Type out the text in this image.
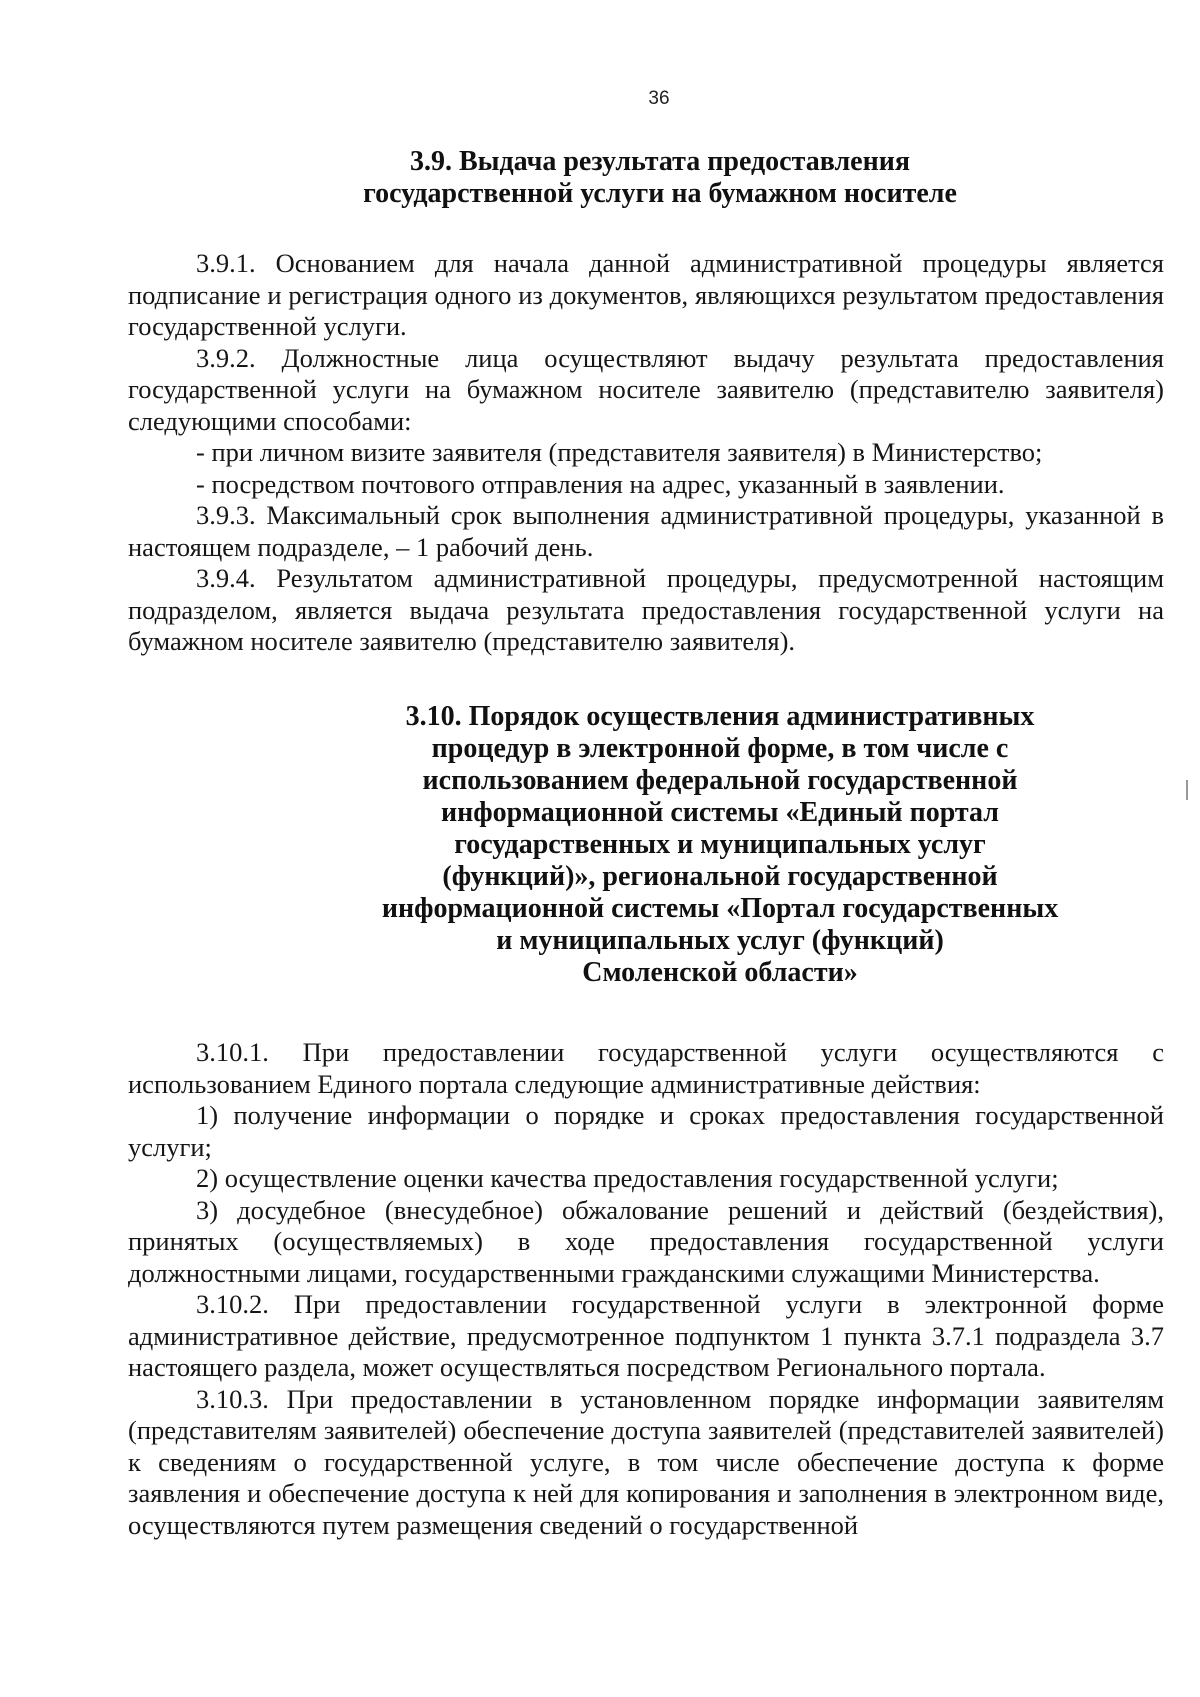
36
3.9. Выдача результата предоставления
государственной услуги на бумажном носителе

3.9.1. Основанием для начала данной административной процедуры является подписание и регистрация одного из документов, являющихся результатом предоставления государственной услуги.

3.9.2. Должностные лица осуществляют выдачу результата предоставления государственной услуги на бумажном носителе заявителю (представителю заявителя) следующими способами:

- при личном визите заявителя (представителя заявителя) в Министерство;

- посредством почтового отправления на адрес, указанный в заявлении.

3.9.3. Максимальный срок выполнения административной процедуры, указанной в настоящем подразделе, – 1 рабочий день.

3.9.4. Результатом административной процедуры, предусмотренной настоящим подразделом, является выдача результата предоставления государственной услуги на бумажном носителе заявителю (представителю заявителя).

3.10. Порядок осуществления административных
процедур в электронной форме, в том числе с
использованием федеральной государственной
информационной системы «Единый портал
государственных и муниципальных услуг
(функций)», региональной государственной
информационной системы «Портал государственных
и муниципальных услуг (функций)
Смоленской области»

3.10.1. При предоставлении государственной услуги осуществляются с использованием Единого портала следующие административные действия:

1) получение информации о порядке и сроках предоставления государственной услуги;

2) осуществление оценки качества предоставления государственной услуги;

3) досудебное (внесудебное) обжалование решений и действий (бездействия), принятых (осуществляемых) в ходе предоставления государственной услуги должностными лицами, государственными гражданскими служащими Министерства.

3.10.2. При предоставлении государственной услуги в электронной форме административное действие, предусмотренное подпунктом 1 пункта 3.7.1 подраздела 3.7 настоящего раздела, может осуществляться посредством Регионального портала.

3.10.3. При предоставлении в установленном порядке информации заявителям (представителям заявителей) обеспечение доступа заявителей (представителей заявителей) к сведениям о государственной услуге, в том числе обеспечение доступа к форме заявления и обеспечение доступа к ней для копирования и заполнения в электронном виде, осуществляются путем размещения сведений о государственной
